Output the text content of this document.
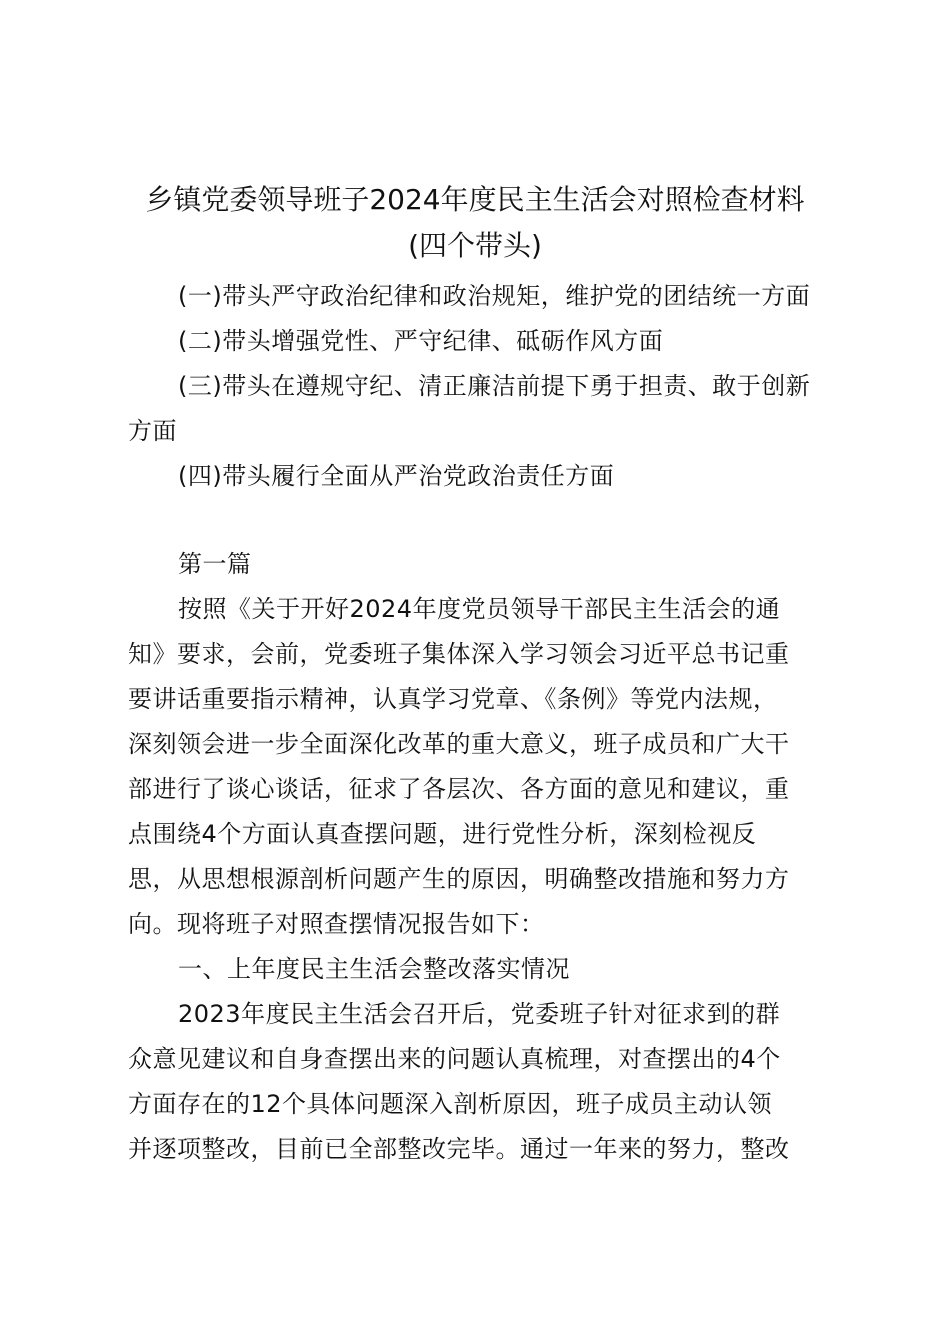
乡镇党委领导班子2024年度民主生活会对照检查材料
(四个带头)
(一)带头严守政治纪律和政治规矩，维护党的团结统一方面
(二)带头增强党性、严守纪律、砥砺作风方面
(三)带头在遵规守纪、清正廉洁前提下勇于担责、敢于创新
方面
(四)带头履行全面从严治党政治责任方面
第一篇
按照《关于开好2024年度党员领导干部民主生活会的通
知》要求，会前，党委班子集体深入学习领会习近平总书记重
要讲话重要指示精神，认真学习党章、《条例》等党内法规，
深刻领会进一步全面深化改革的重大意义，班子成员和广大干
部进行了谈心谈话，征求了各层次、各方面的意见和建议，重
点围绕4个方面认真查摆问题，进行党性分析，深刻检视反
思，从思想根源剖析问题产生的原因，明确整改措施和努力方
向。现将班子对照查摆情况报告如下：
一、上年度民主生活会整改落实情况
2023年度民主生活会召开后，党委班子针对征求到的群
众意见建议和自身查摆出来的问题认真梳理，对查摆出的4个
方面存在的12个具体问题深入剖析原因，班子成员主动认领
并逐项整改，目前已全部整改完毕。通过一年来的努力，整改
